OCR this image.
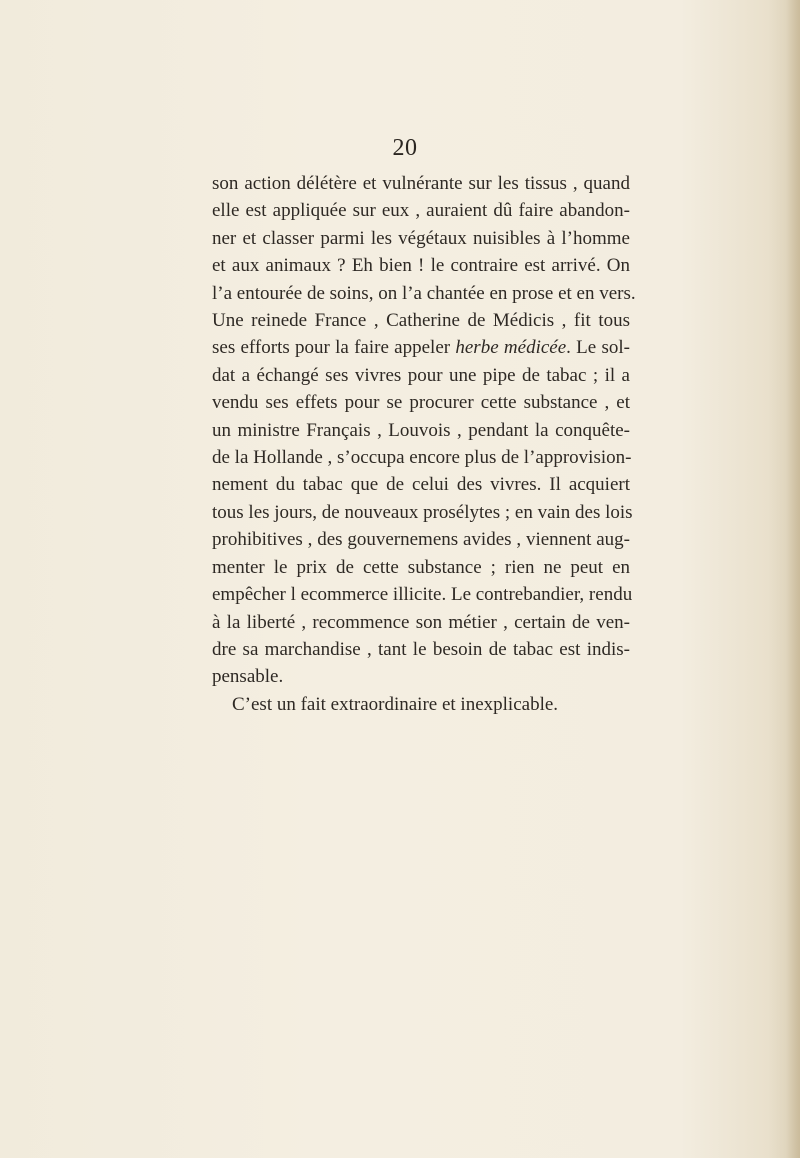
20
son action délétère et vulnérante sur les tissus , quand
elle est appliquée sur eux , auraient dû faire abandon-
ner et classer parmi les végétaux nuisibles à l’homme
et aux animaux ? Eh bien ! le contraire est arrivé. On
l’a entourée de soins, on l’a chantée en prose et en vers.
Une reinede France , Catherine de Médicis , fit tous
ses efforts pour la faire appeler herbe médicée. Le sol-
dat a échangé ses vivres pour une pipe de tabac ; il a
vendu ses effets pour se procurer cette substance , et
un ministre Français , Louvois , pendant la conquête-
de la Hollande , s’occupa encore plus de l’approvision-
nement du tabac que de celui des vivres. Il acquiert
tous les jours, de nouveaux prosélytes ; en vain des lois
prohibitives , des gouvernemens avides , viennent aug-
menter le prix de cette substance ; rien ne peut en
empêcher l ecommerce illicite. Le contrebandier, rendu
à la liberté , recommence son métier , certain de ven-
dre sa marchandise , tant le besoin de tabac est indis-
pensable.
C’est un fait extraordinaire et inexplicable.
